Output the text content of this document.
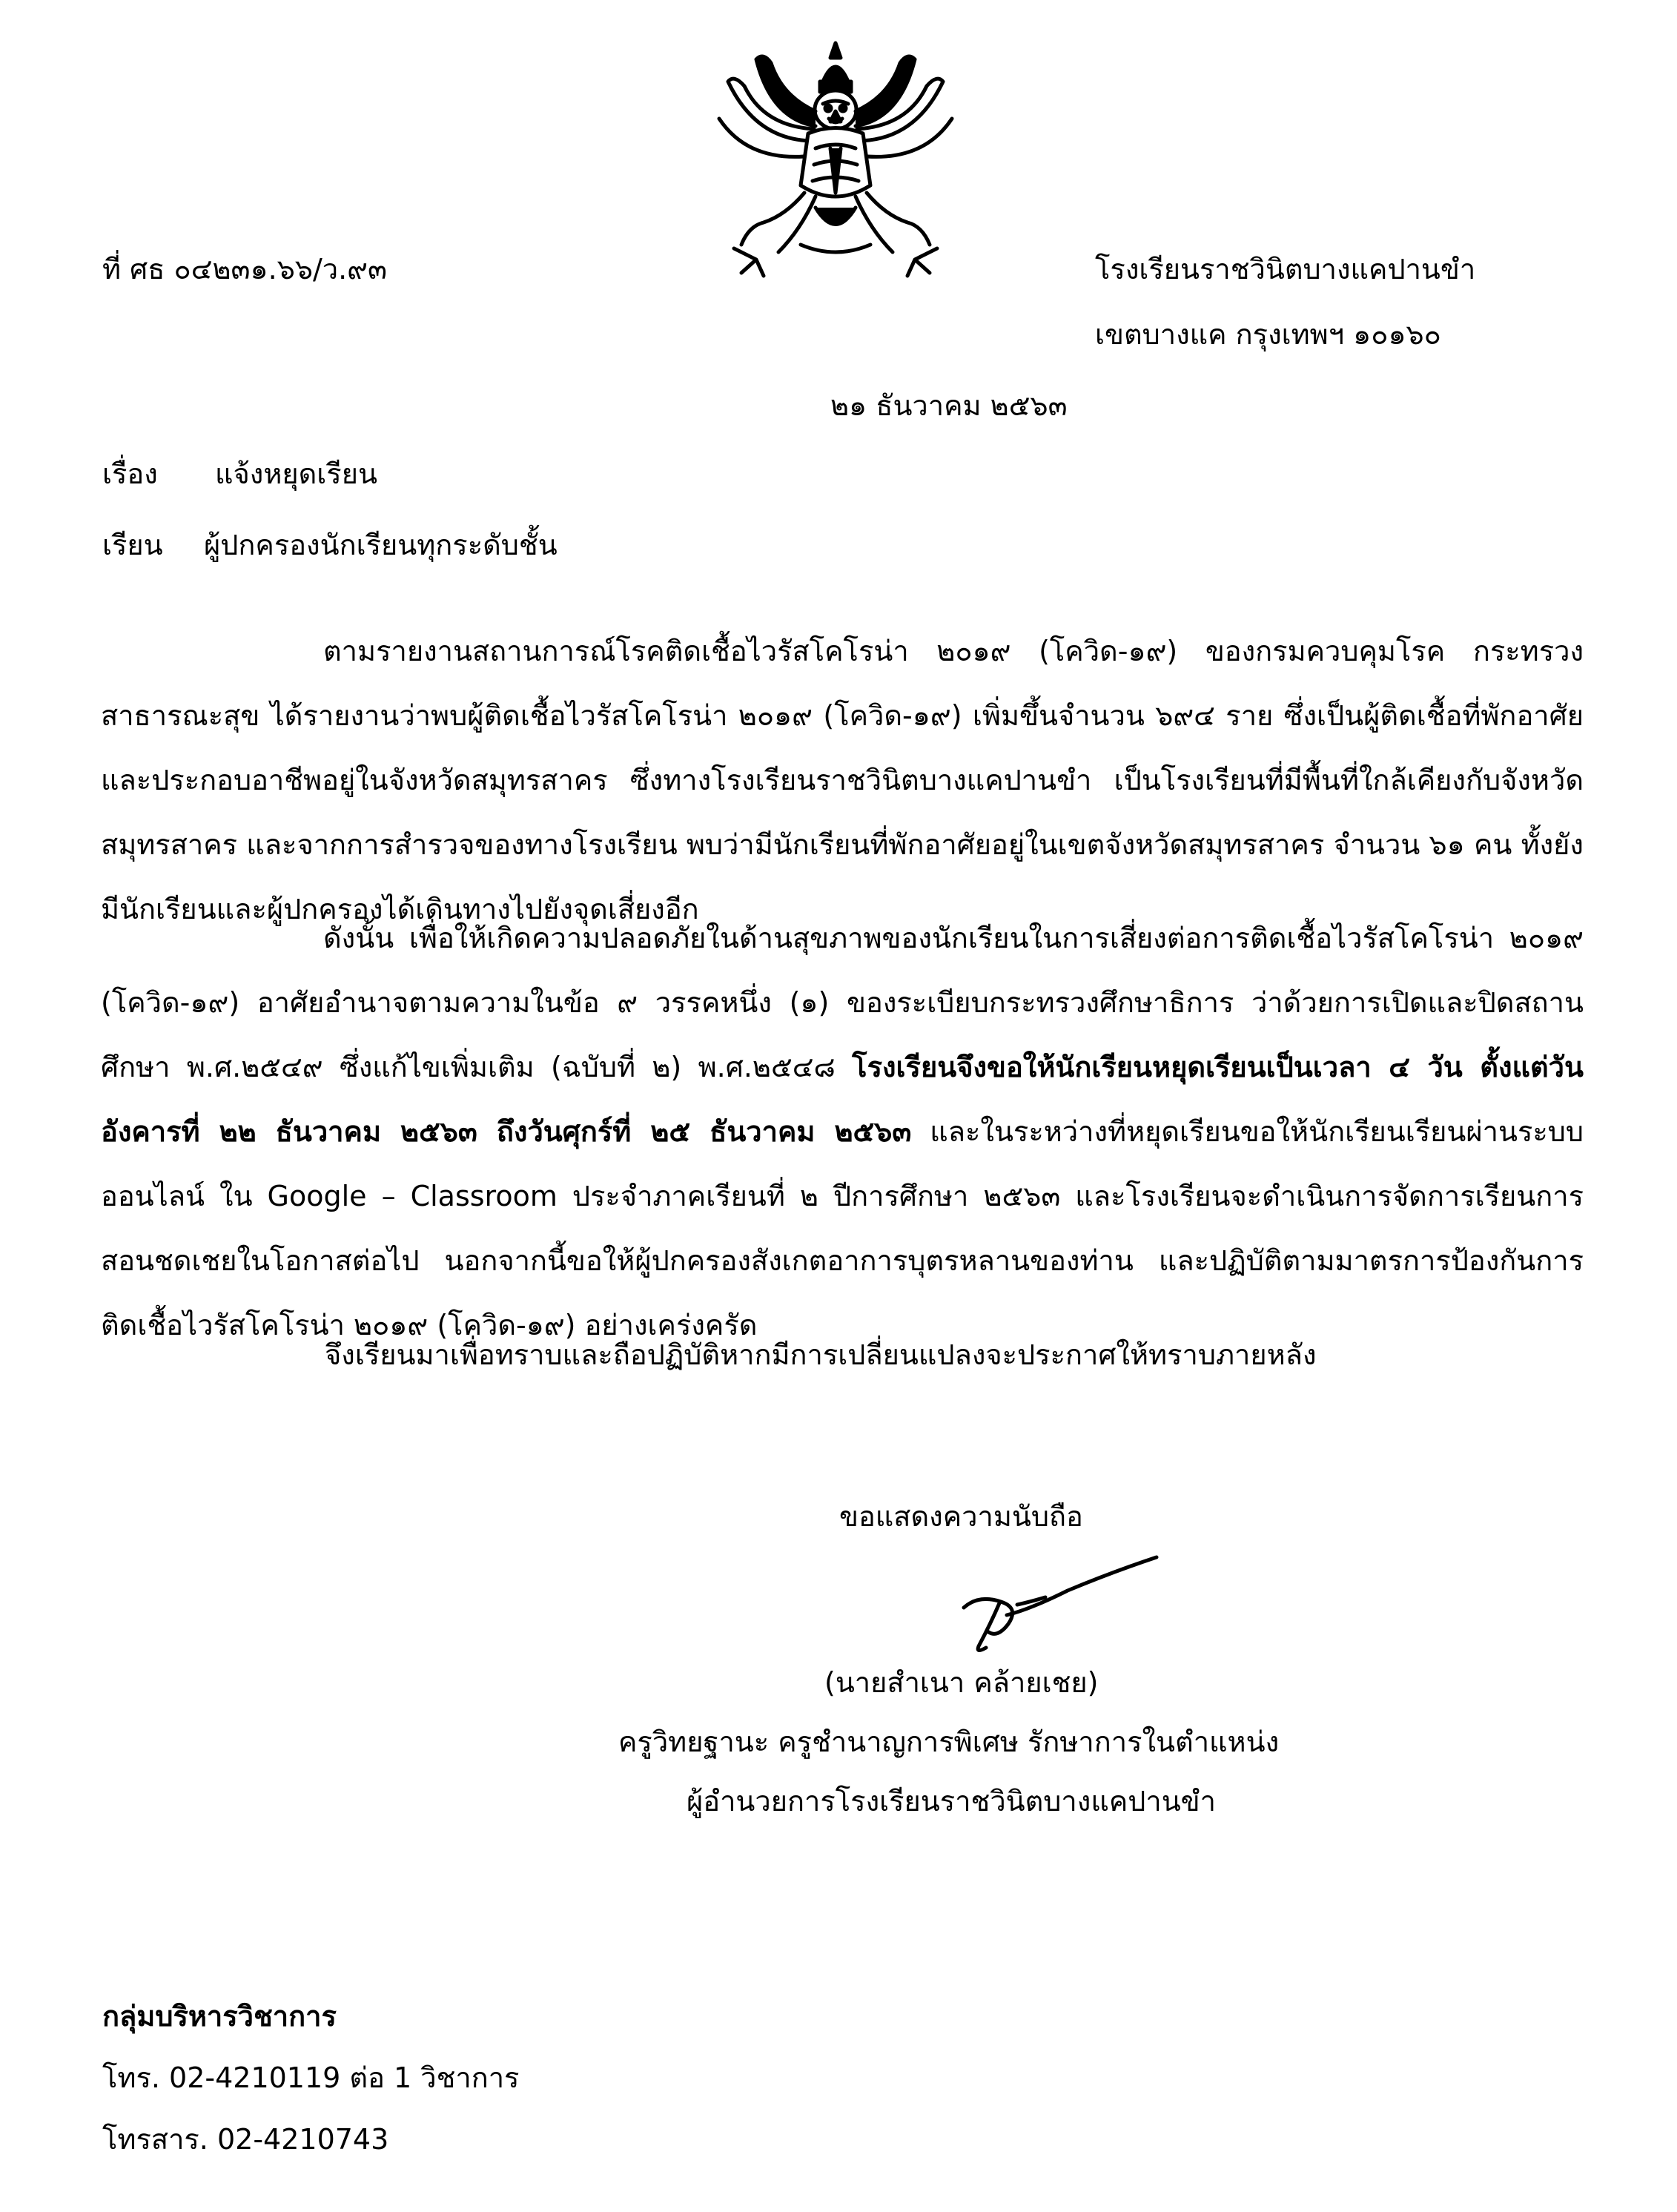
ที่ ศธ ๐๔๒๓๑.๖๖/ว.๙๓	โรงเรียนราชวินิตบางแคปานขำ
เขตบางแค กรุงเทพฯ ๑๐๑๖๐
๒๑ ธันวาคม ๒๕๖๓
เรื่อง แจ้งหยุดเรียน
เรียน ผู้ปกครองนักเรียนทุกระดับชั้น
ตามรายงานสถานการณ์โรคติดเชื้อไวรัสโคโรน่า ๒๐๑๙ (โควิด-๑๙) ของกรมควบคุมโรค กระทรวงสาธารณะสุข ได้รายงานว่าพบผู้ติดเชื้อไวรัสโคโรน่า ๒๐๑๙ (โควิด-๑๙) เพิ่มขึ้นจำนวน ๖๙๔ ราย ซึ่งเป็นผู้ติดเชื้อที่พักอาศัยและประกอบอาชีพอยู่ในจังหวัดสมุทรสาคร ซึ่งทางโรงเรียนราชวินิตบางแคปานขำ เป็นโรงเรียนที่มีพื้นที่ใกล้เคียงกับจังหวัดสมุทรสาคร และจากการสำรวจของทางโรงเรียน พบว่ามีนักเรียนที่พักอาศัยอยู่ในเขตจังหวัดสมุทรสาคร จำนวน ๖๑ คน ทั้งยังมีนักเรียนและผู้ปกครองได้เดินทางไปยังจุดเสี่ยงอีก
ดังนั้น เพื่อให้เกิดความปลอดภัยในด้านสุขภาพของนักเรียนในการเสี่ยงต่อการติดเชื้อไวรัสโคโรน่า ๒๐๑๙ (โควิด-๑๙) อาศัยอำนาจตามความในข้อ ๙ วรรคหนึ่ง (๑) ของระเบียบกระทรวงศึกษาธิการ ว่าด้วยการเปิดและปิดสถานศึกษา พ.ศ.๒๕๔๙ ซึ่งแก้ไขเพิ่มเติม (ฉบับที่ ๒) พ.ศ.๒๕๔๘ โรงเรียนจึงขอให้นักเรียนหยุดเรียนเป็นเวลา ๔ วัน ตั้งแต่วันอังคารที่ ๒๒ ธันวาคม ๒๕๖๓ ถึงวันศุกร์ที่ ๒๕ ธันวาคม ๒๕๖๓ และในระหว่างที่หยุดเรียนขอให้นักเรียนเรียนผ่านระบบออนไลน์ ใน Google – Classroom ประจำภาคเรียนที่ ๒ ปีการศึกษา ๒๕๖๓ และโรงเรียนจะดำเนินการจัดการเรียนการสอนชดเชยในโอกาสต่อไป นอกจากนี้ขอให้ผู้ปกครองสังเกตอาการบุตรหลานของท่าน และปฏิบัติตามมาตรการป้องกันการติดเชื้อไวรัสโคโรน่า ๒๐๑๙ (โควิด-๑๙) อย่างเคร่งครัด
จึงเรียนมาเพื่อทราบและถือปฏิบัติหากมีการเปลี่ยนแปลงจะประกาศให้ทราบภายหลัง
ขอแสดงความนับถือ
(นายสำเนา คล้ายเชย)
ครูวิทยฐานะ ครูชำนาญการพิเศษ รักษาการในตำแหน่ง
ผู้อำนวยการโรงเรียนราชวินิตบางแคปานขำ
กลุ่มบริหารวิชาการ
โทร. 02-4210119 ต่อ 1 วิชาการ
โทรสาร. 02-4210743
